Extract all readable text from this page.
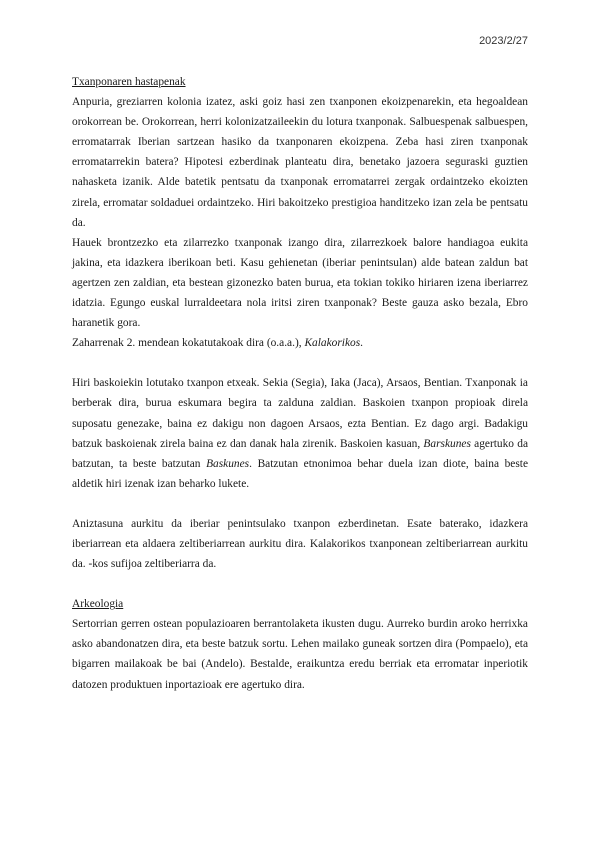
2023/2/27

Txanponaren hastapenak

Anpuria, greziarren kolonia izatez, aski goiz hasi zen txanponen ekoizpenarekin, eta hegoaldean orokorrean be. Orokorrean, herri kolonizatzaileekin du lotura txanponak. Salbuespenak salbuespen, erromatarrak Iberian sartzean hasiko da txanponaren ekoizpena. Zeba hasi ziren txanponak erromatarrekin batera? Hipotesi ezberdinak planteatu dira, benetako jazoera seguraski guztien nahasketa izanik. Alde batetik pentsatu da txanponak erromatarrei zergak ordaintzeko ekoizten zirela, erromatar soldaduei ordaintzeko. Hiri bakoitzeko prestigioa handitzeko izan zela be pentsatu da.

Hauek brontzezko eta zilarrezko txanponak izango dira, zilarrezkoek balore handiagoa eukita jakina, eta idazkera iberikoan beti. Kasu gehienetan (iberiar penintsulan) alde batean zaldun bat agertzen zen zaldian, eta bestean gizonezko baten burua, eta tokian tokiko hiriaren izena iberiarrez idatzia. Egungo euskal lurraldeetara nola iritsi ziren txanponak? Beste gauza asko bezala, Ebro haranetik gora.

Zaharrenak 2. mendean kokatutakoak dira (o.a.a.), Kalakorikos.

Hiri baskoiekin lotutako txanpon etxeak. Sekia (Segia), Iaka (Jaca), Arsaos, Bentian. Txanponak ia berberak dira, burua eskumara begira ta zalduna zaldian. Baskoien txanpon propioak direla suposatu genezake, baina ez dakigu non dagoen Arsaos, ezta Bentian. Ez dago argi. Badakigu batzuk baskoienak zirela baina ez dan danak hala zirenik. Baskoien kasuan, Barskunes agertuko da batzutan, ta beste batzutan Baskunes. Batzutan etnonimoa behar duela izan diote, baina beste aldetik hiri izenak izan beharko lukete.

Aniztasuna aurkitu da iberiar penintsulako txanpon ezberdinetan. Esate baterako, idazkera iberiarrean eta aldaera zeltiberiarrean aurkitu dira. Kalakorikos txanponean zeltiberiarrean aurkitu da. -kos sufijoa zeltiberiarra da.

Arkeologia

Sertorrian gerren ostean populazioaren berrantolaketa ikusten dugu. Aurreko burdin aroko herrixka asko abandonatzen dira, eta beste batzuk sortu. Lehen mailako guneak sortzen dira (Pompaelo), eta bigarren mailakoak be bai (Andelo). Bestalde, eraikuntza eredu berriak eta erromatar inperiotik datozen produktuen inportazioak ere agertuko dira.
